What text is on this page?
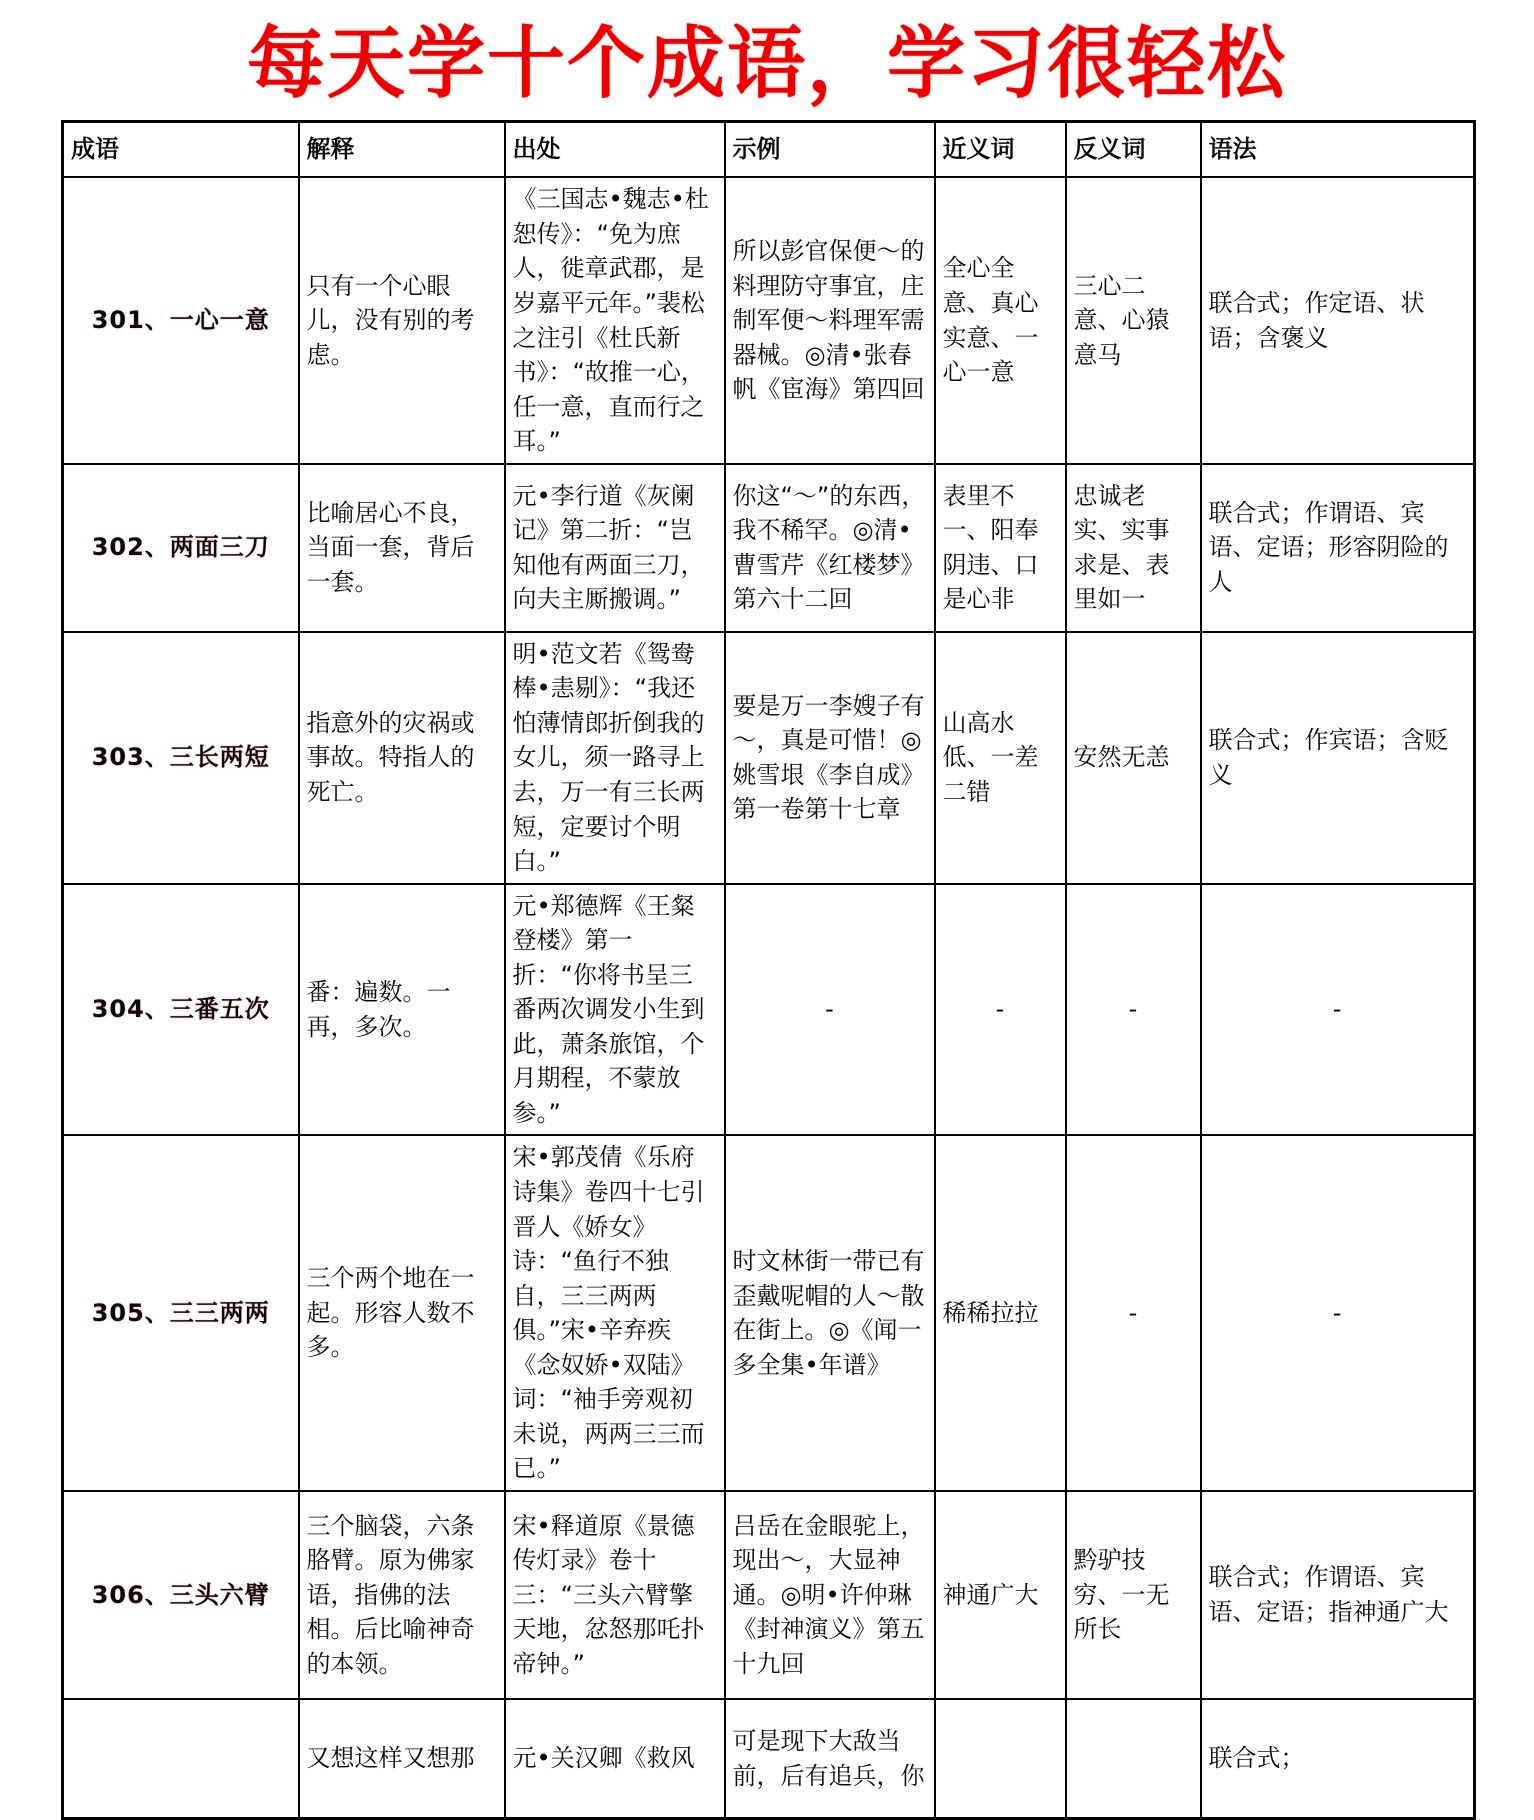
每天学十个成语，学习很轻松
成语	解释	出处	示例	近义词	反义词	语法
301、一心一意	只有一个心眼儿，没有别的考虑。	《三国志•魏志•杜恕传》：“免为庶人，徙章武郡，是岁嘉平元年。”裴松之注引《杜氏新书》：“故推一心，任一意，直而行之耳。”	所以彭官保便～的料理防守事宜，庄制军便～料理军需器械。◎清•张春帆《宦海》第四回	全心全意、真心实意、一心一意	三心二意、心猿意马	联合式；作定语、状语；含褒义
302、两面三刀	比喻居心不良，当面一套，背后一套。	元•李行道《灰阑记》第二折：“岂知他有两面三刀，向夫主厮搬调。”	你这“～”的东西，我不稀罕。◎清•曹雪芹《红楼梦》第六十二回	表里不一、阳奉阴违、口是心非	忠诚老实、实事求是、表里如一	联合式；作谓语、宾语、定语；形容阴险的人
303、三长两短	指意外的灾祸或事故。特指人的死亡。	明•范文若《鸳鸯棒•恚剔》：“我还怕薄情郎折倒我的女儿，须一路寻上去，万一有三长两短，定要讨个明白。”	要是万一李嫂子有～，真是可惜！◎姚雪垠《李自成》第一卷第十七章	山高水低、一差二错	安然无恙	联合式；作宾语；含贬义
304、三番五次	番：遍数。一再，多次。	元•郑德辉《王粲登楼》第一折：“你将书呈三番两次调发小生到此，萧条旅馆，个月期程，不蒙放参。”	-	-	-	-
305、三三两两	三个两个地在一起。形容人数不多。	宋•郭茂倩《乐府诗集》卷四十七引晋人《娇女》诗：“鱼行不独自，三三两两俱。”宋•辛弃疾《念奴娇•双陆》词：“袖手旁观初未说，两两三三而已。”	时文林街一带已有歪戴呢帽的人～散在街上。◎《闻一多全集•年谱》	稀稀拉拉	-	-
306、三头六臂	三个脑袋，六条胳臂。原为佛家语，指佛的法相。后比喻神奇的本领。	宋•释道原《景德传灯录》卷十三：“三头六臂擎天地，忿怒那吒扑帝钟。”	吕岳在金眼驼上，现出～，大显神通。◎明•许仲琳《封神演义》第五十九回	神通广大	黔驴技穷、一无所长	联合式；作谓语、宾语、定语；指神通广大
	又想这样又想那	元•关汉卿《救风	可是现下大敌当前，后有追兵，你			联合式；
